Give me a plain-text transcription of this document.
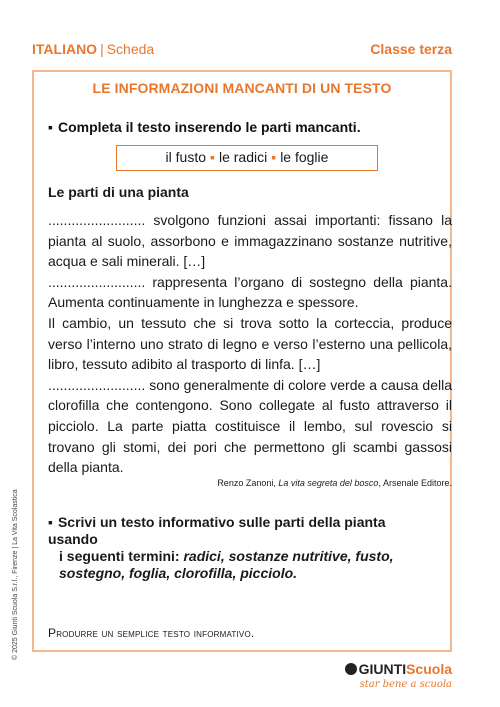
ITALIANO | Scheda	Classe terza
LE INFORMAZIONI MANCANTI DI UN TESTO
▪ Completa il testo inserendo le parti mancanti.
il fusto ▪ le radici ▪ le foglie
Le parti di una pianta

......................... svolgono funzioni assai importanti: fissano la pianta al suolo, assorbono e immagazzinano sostanze nutritive, acqua e sali minerali. […]

......................... rappresenta l’organo di sostegno della pianta. Aumenta continuamente in lunghezza e spessore.

Il cambio, un tessuto che si trova sotto la corteccia, produce verso l’interno uno strato di legno e verso l’esterno una pellicola, libro, tessuto adibito al trasporto di linfa. […]

......................... sono generalmente di colore verde a causa della clorofilla che contengono. Sono collegate al fusto attraverso il picciolo. La parte piatta costituisce il lembo, sul rovescio si trovano gli stomi, dei pori che permettono gli scambi gassosi della pianta.

Renzo Zanoni, La vita segreta del bosco, Arsenale Editore.
▪ Scrivi un testo informativo sulle parti della pianta usando
i seguenti termini: radici, sostanze nutritive, fusto,
sostegno, foglia, clorofilla, picciolo.
Produrre un semplice testo informativo.
© 2025 Giunti Scuola S.r.l., Firenze | La Vita Scolastica
GIUNTIScuola
star bene a scuola
